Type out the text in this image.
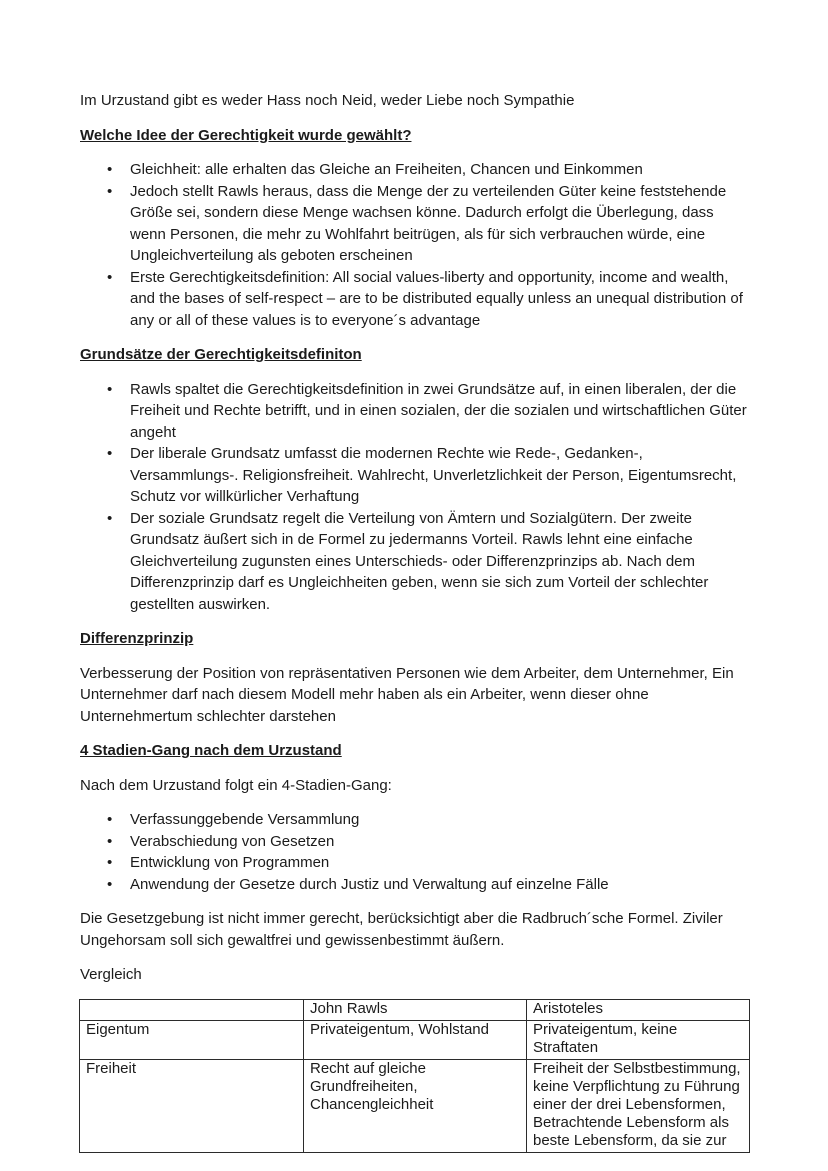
Im Urzustand gibt es weder Hass noch Neid, weder Liebe noch Sympathie

Welche Idee der Gerechtigkeit wurde gewählt?

• Gleichheit: alle erhalten das Gleiche an Freiheiten, Chancen und Einkommen
• Jedoch stellt Rawls heraus, dass die Menge der zu verteilenden Güter keine feststehende Größe sei, sondern diese Menge wachsen könne. Dadurch erfolgt die Überlegung, dass wenn Personen, die mehr zu Wohlfahrt beitrügen, als für sich verbrauchen würde, eine Ungleichverteilung als geboten erscheinen
• Erste Gerechtigkeitsdefinition: All social values-liberty and opportunity, income and wealth, and the bases of self-respect – are to be distributed equally unless an unequal distribution of any or all of these values is to everyone´s advantage

Grundsätze der Gerechtigkeitsdefiniton

• Rawls spaltet die Gerechtigkeitsdefinition in zwei Grundsätze auf, in einen liberalen, der die Freiheit und Rechte betrifft, und in einen sozialen, der die sozialen und wirtschaftlichen Güter angeht
• Der liberale Grundsatz umfasst die modernen Rechte wie Rede-, Gedanken-, Versammlungs-. Religionsfreiheit. Wahlrecht, Unverletzlichkeit der Person, Eigentumsrecht, Schutz vor willkürlicher Verhaftung
• Der soziale Grundsatz regelt die Verteilung von Ämtern und Sozialgütern. Der zweite Grundsatz äußert sich in de Formel zu jedermanns Vorteil. Rawls lehnt eine einfache Gleichverteilung zugunsten eines Unterschieds- oder Differenzprinzips ab. Nach dem Differenzprinzip darf es Ungleichheiten geben, wenn sie sich zum Vorteil der schlechter gestellten auswirken.

Differenzprinzip

Verbesserung der Position von repräsentativen Personen wie dem Arbeiter, dem Unternehmer, Ein Unternehmer darf nach diesem Modell mehr haben als ein Arbeiter, wenn dieser ohne Unternehmertum schlechter darstehen

4 Stadien-Gang nach dem Urzustand

Nach dem Urzustand folgt ein 4-Stadien-Gang:

• Verfassunggebende Versammlung
• Verabschiedung von Gesetzen
• Entwicklung von Programmen
• Anwendung der Gesetze durch Justiz und Verwaltung auf einzelne Fälle

Die Gesetzgebung ist nicht immer gerecht, berücksichtigt aber die Radbruch´sche Formel. Ziviler Ungehorsam soll sich gewaltfrei und gewissenbestimmt äußern.

Vergleich

	John Rawls	Aristoteles
Eigentum	Privateigentum, Wohlstand	Privateigentum, keine Straftaten
Freiheit	Recht auf gleiche Grundfreiheiten, Chancengleichheit	Freiheit der Selbstbestimmung, keine Verpflichtung zu Führung einer der drei Lebensformen, Betrachtende Lebensform als beste Lebensform, da sie zur
